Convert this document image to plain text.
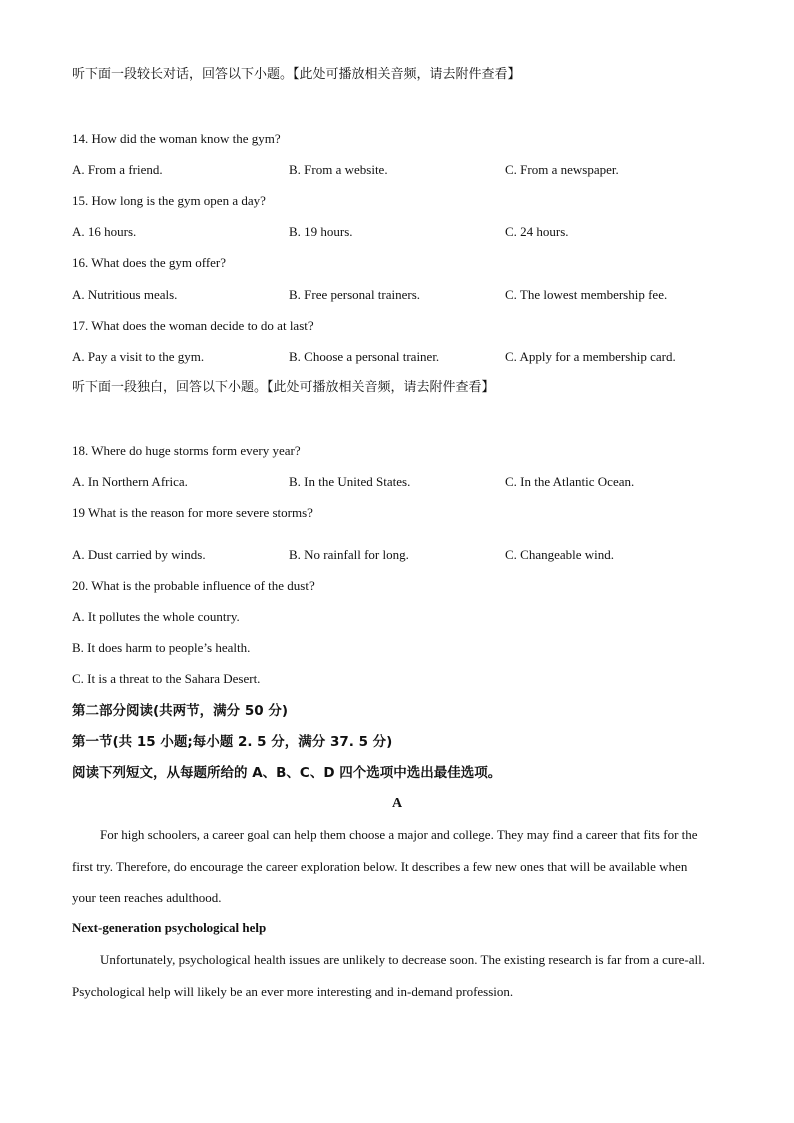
听下面一段较长对话，回答以下小题。【此处可播放相关音频，请去附件查看】
14. How did the woman know the gym?
A. From a friend.	B. From a website.	C. From a newspaper.
15. How long is the gym open a day?
A. 16 hours.	B. 19 hours.	C. 24 hours.
16. What does the gym offer?
A. Nutritious meals.	B. Free personal trainers.	C. The lowest membership fee.
17. What does the woman decide to do at last?
A. Pay a visit to the gym.	B. Choose a personal trainer.	C. Apply for a membership card.
听下面一段独白，回答以下小题。【此处可播放相关音频，请去附件查看】
18. Where do huge storms form every year?
A. In Northern Africa.	B. In the United States.	C. In the Atlantic Ocean.
19 What is the reason for more severe storms?
A. Dust carried by winds.	B. No rainfall for long.	C. Changeable wind.
20. What is the probable influence of the dust?
A. It pollutes the whole country.
B. It does harm to people’s health.
C. It is a threat to the Sahara Desert.
第二部分阅读(共两节，满分 50 分)
第一节(共 15 小题;每小题 2. 5 分，满分 37. 5 分)
阅读下列短文，从每题所给的 A、B、C、D 四个选项中选出最佳选项。
A
For high schoolers, a career goal can help them choose a major and college. They may find a career that fits for the first try. Therefore, do encourage the career exploration below. It describes a few new ones that will be available when your teen reaches adulthood.
Next-generation psychological help
Unfortunately, psychological health issues are unlikely to decrease soon. The existing research is far from a cure-all. Psychological help will likely be an ever more interesting and in-demand profession.
